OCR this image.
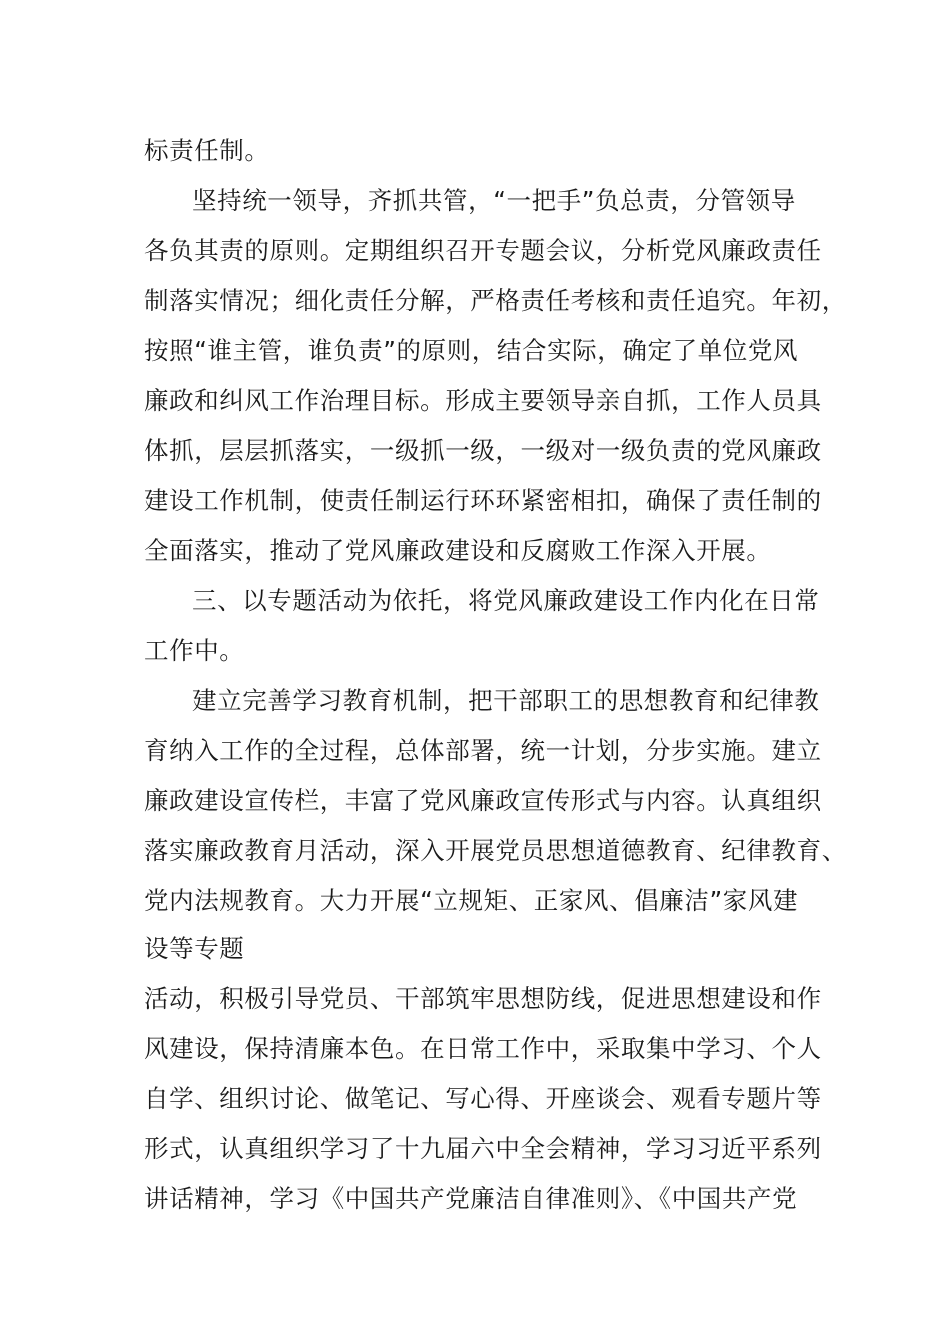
标责任制。
坚持统一领导，齐抓共管，“一把手”负总责，分管领导
各负其责的原则。定期组织召开专题会议，分析党风廉政责任
制落实情况；细化责任分解，严格责任考核和责任追究。年初，
按照“谁主管，谁负责”的原则，结合实际，确定了单位党风
廉政和纠风工作治理目标。形成主要领导亲自抓，工作人员具
体抓，层层抓落实，一级抓一级，一级对一级负责的党风廉政
建设工作机制，使责任制运行环环紧密相扣，确保了责任制的
全面落实，推动了党风廉政建设和反腐败工作深入开展。
三、以专题活动为依托，将党风廉政建设工作内化在日常
工作中。
建立完善学习教育机制，把干部职工的思想教育和纪律教
育纳入工作的全过程，总体部署，统一计划，分步实施。建立
廉政建设宣传栏，丰富了党风廉政宣传形式与内容。认真组织
落实廉政教育月活动，深入开展党员思想道德教育、纪律教育、
党内法规教育。大力开展“立规矩、正家风、倡廉洁”家风建
设等专题
活动，积极引导党员、干部筑牢思想防线，促进思想建设和作
风建设，保持清廉本色。在日常工作中，采取集中学习、个人
自学、组织讨论、做笔记、写心得、开座谈会、观看专题片等
形式，认真组织学习了十九届六中全会精神，学习习近平系列
讲话精神，学习《中国共产党廉洁自律准则》、《中国共产党
